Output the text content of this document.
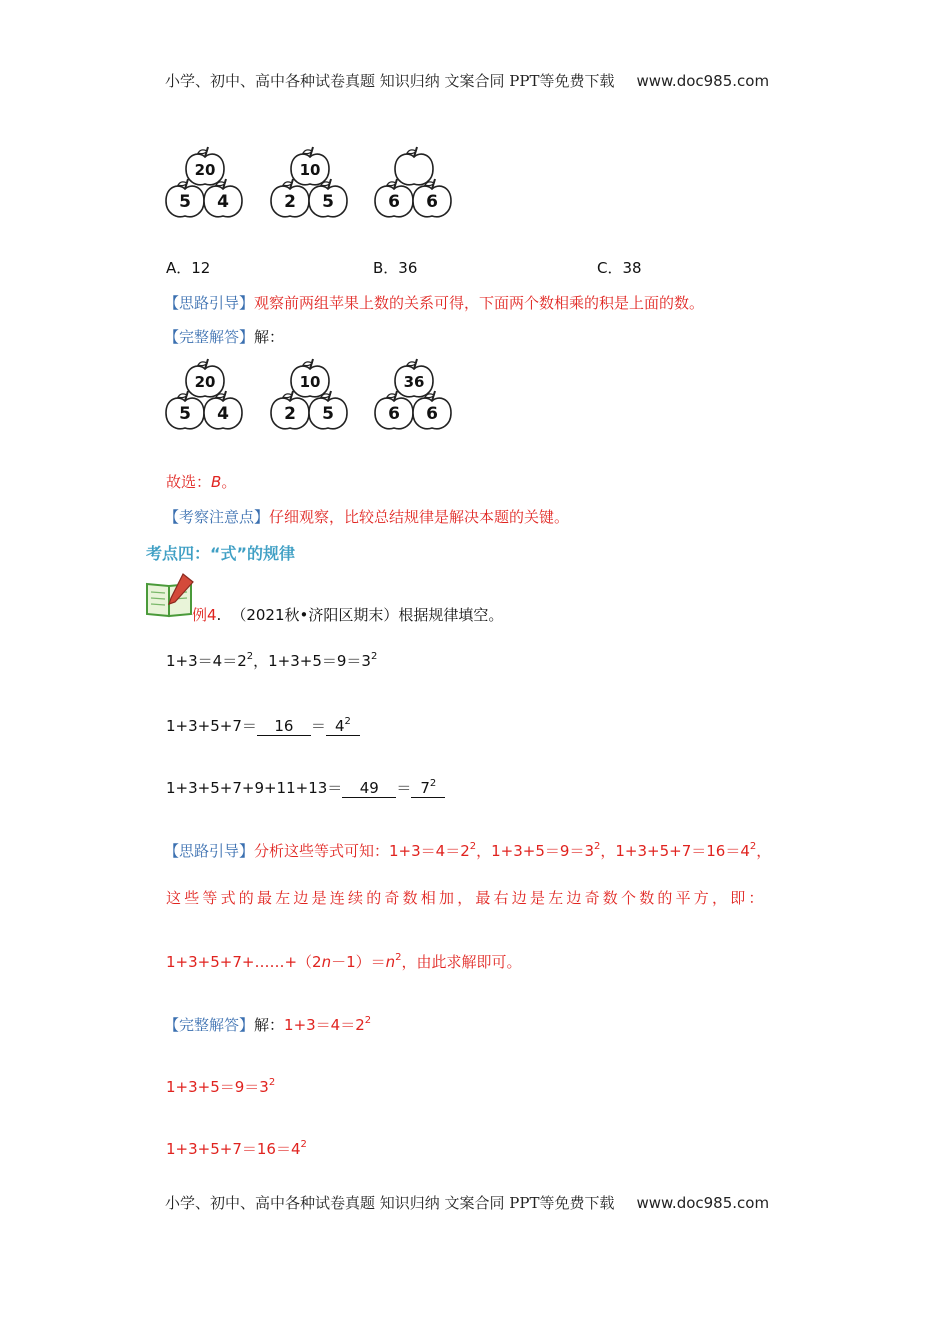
小学、初中、高中各种试卷真题 知识归纳 文案合同 PPT等免费下载 www.doc985.com
5 4
20
2 5
10
6 6
A．12	B．36	C．38
【思路引导】观察前两组苹果上数的关系可得，下面两个数相乘的积是上面的数。
【完整解答】解：
5 4
20
2 5
10
6 6
36
故选：B。
【考察注意点】仔细观察，比较总结规律是解决本题的关键。
考点四：“式”的规律
例4. （2021秋•济阳区期末）根据规律填空。
$1+3=4=2^2$，$1+3+5=9=3^2$
$1+3+5+7= 16 = 4^2$
$1+3+5+7+9+11+13= 49 = 7^2$
【思路引导】分析这些等式可知：$1+3=4=2^2$，$1+3+5=9=3^2$，$1+3+5+7=16=4^2$，
这些等式的最左边是连续的奇数相加，最右边是左边奇数个数的平方，即：
$1+3+5+7+\dots\dots+(2n-1)=n^2$，由此求解即可。
【完整解答】解：$1+3=4=2^2$
$1+3+5=9=3^2$
$1+3+5+7=16=4^2$
小学、初中、高中各种试卷真题 知识归纳 文案合同 PPT等免费下载 www.doc985.com
